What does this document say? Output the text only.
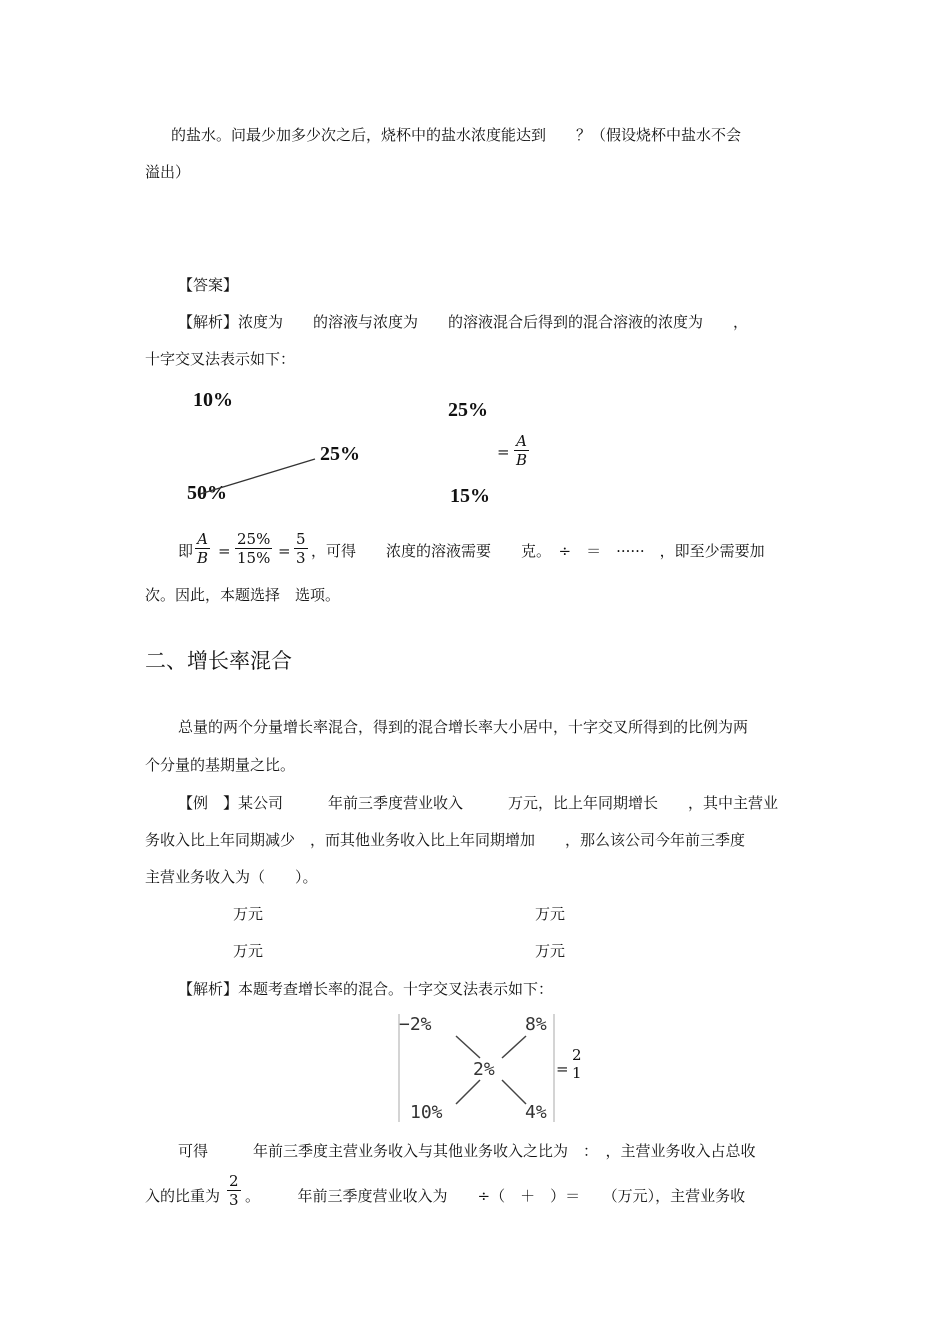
的盐水。问最少加多少次之后，烧杯中的盐水浓度能达到　　？（假设烧杯中盐水不会
溢出）
【答案】
【解析】浓度为　　的溶液与浓度为　　的溶液混合后得到的混合溶液的浓度为　　，
十字交叉法表示如下：
10%
25%
50%
25%
15%
= $\frac{A}{B}$
即 $\frac{A}{B} = \frac{25\%}{15\%} = \frac{5}{3}$ ，可得　　浓度的溶液需要　　克。　÷　＝　······　，即至少需要加
次。因此，本题选择　选项。
二、增长率混合
总量的两个分量增长率混合，得到的混合增长率大小居中，十字交叉所得到的比例为两
个分量的基期量之比。
【例　】某公司　　　年前三季度营业收入　　　万元，比上年同期增长　　，其中主营业
务收入比上年同期减少　，而其他业务收入比上年同期增加　　，那么该公司今年前三季度
主营业务收入为（　　）。
万元	万元
万元	万元
【解析】本题考查增长率的混合。十字交叉法表示如下：
−2%	8%
2%
10%	4%
=
2
1
可得　　　年前三季度主营业务收入与其他业务收入之比为　：　，主营业务收入占总收
入的比重为 $\frac{2}{3}$ 。　　　年前三季度营业收入为　　÷（　＋　）＝　　（万元），主营业务收
